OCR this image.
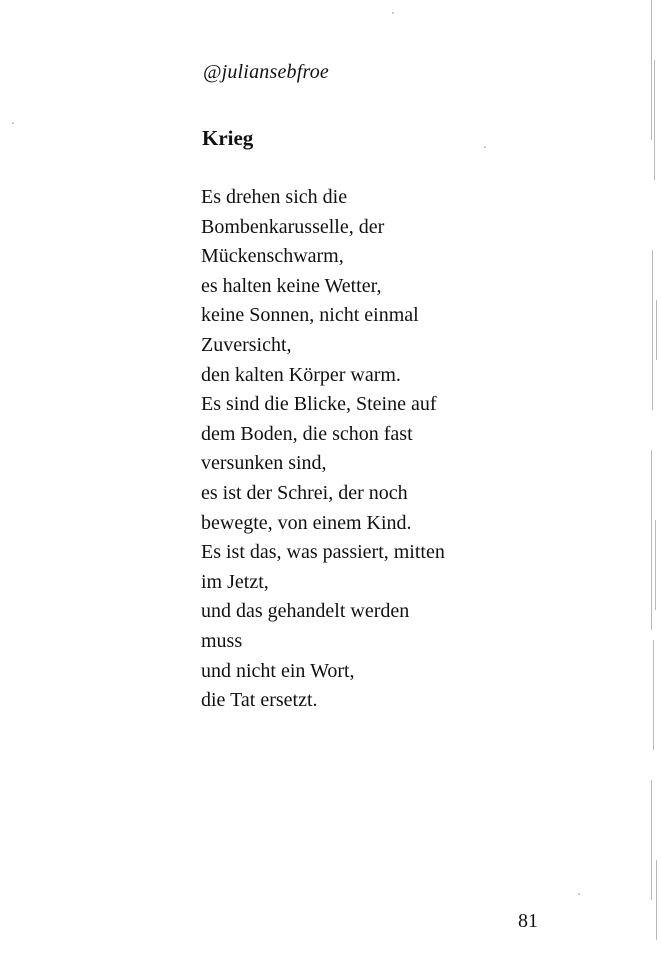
@juliansebfroe
Krieg
Es drehen sich die
Bombenkarusselle, der
Mückenschwarm,
es halten keine Wetter,
keine Sonnen, nicht einmal
Zuversicht,
den kalten Körper warm.
Es sind die Blicke, Steine auf
dem Boden, die schon fast
versunken sind,
es ist der Schrei, der noch
bewegte, von einem Kind.
Es ist das, was passiert, mitten
im Jetzt,
und das gehandelt werden
muss
und nicht ein Wort,
die Tat ersetzt.
81
